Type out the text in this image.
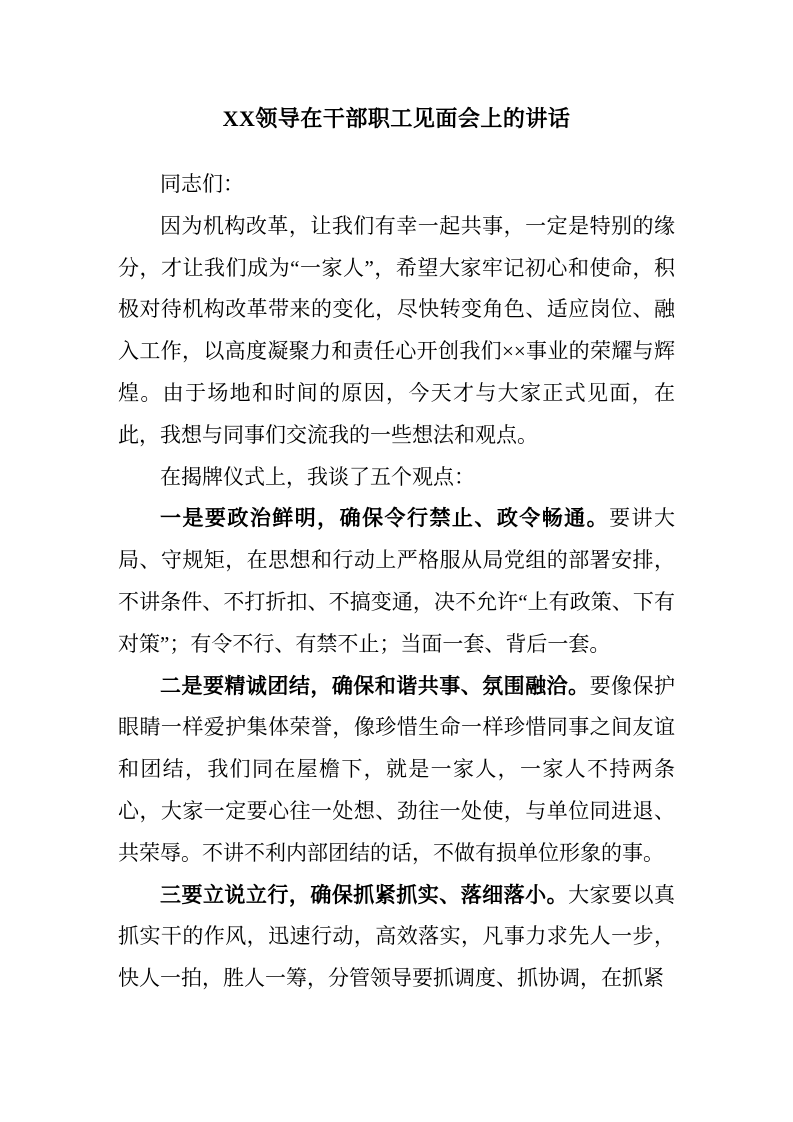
XX领导在干部职工见面会上的讲话

同志们：

因为机构改革，让我们有幸一起共事，一定是特别的缘分，才让我们成为“一家人”，希望大家牢记初心和使命，积极对待机构改革带来的变化，尽快转变角色、适应岗位、融入工作，以高度凝聚力和责任心开创我们××事业的荣耀与辉煌。由于场地和时间的原因，今天才与大家正式见面，在此，我想与同事们交流我的一些想法和观点。

在揭牌仪式上，我谈了五个观点：

一是要政治鲜明，确保令行禁止、政令畅通。要讲大局、守规矩，在思想和行动上严格服从局党组的部署安排，不讲条件、不打折扣、不搞变通，决不允许“上有政策、下有对策”；有令不行、有禁不止；当面一套、背后一套。

二是要精诚团结，确保和谐共事、氛围融洽。要像保护眼睛一样爱护集体荣誉，像珍惜生命一样珍惜同事之间友谊和团结，我们同在屋檐下，就是一家人，一家人不持两条心，大家一定要心往一处想、劲往一处使，与单位同进退、共荣辱。不讲不利内部团结的话，不做有损单位形象的事。

三要立说立行，确保抓紧抓实、落细落小。大家要以真抓实干的作风，迅速行动，高效落实，凡事力求先人一步，快人一拍，胜人一筹，分管领导要抓调度、抓协调，在抓紧
